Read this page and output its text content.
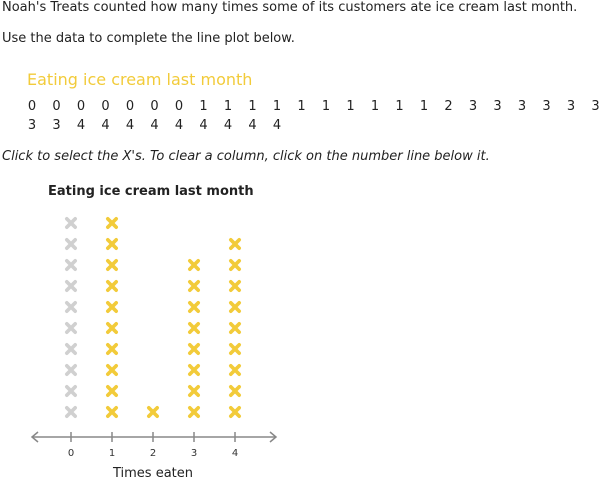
Noah's Treats counted how many times some of its customers ate ice cream last month.

Use the data to complete the line plot below.

Eating ice cream last month
0 0 0 0 0 0 0 1 1 1 1 1 1 1 1 1 1 2 3 3 3 3 3 3
3 3 4 4 4 4 4 4 4 4 4

Click to select the X's. To clear a column, click on the number line below it.

Eating ice cream last month
0	1	2	3	4
Times eaten
